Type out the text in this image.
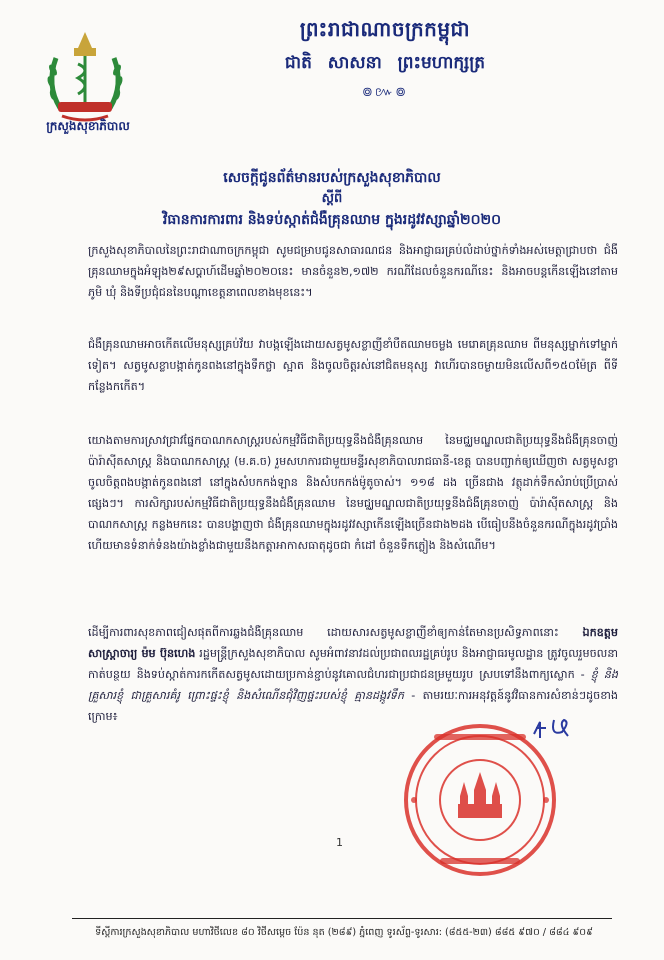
ក្រសួងសុខាភិបាល
ព្រះរាជាណាចក្រកម្ពុជា
ជាតិ សាសនា ព្រះមហាក្សត្រ
៙៚៙
សេចក្តីជូនព័ត៌មានរបស់ក្រសួងសុខាភិបាល
ស្តីពី
វិធានការការពារ និងទប់ស្កាត់ជំងឺគ្រុនឈាម ក្នុងរដូវវស្សាឆ្នាំ២០២០
ក្រសួងសុខាភិបាលនៃព្រះរាជាណាចក្រកម្ពុជា សូមជម្រាបជូនសាធារណជន និងអាជ្ញាធរគ្រប់លំដាប់ថ្នាក់ទាំងអស់មេត្តាជ្រាបថា ជំងឺគ្រុនឈាមក្នុងអំឡុង២៩សប្តាហ៍ដើមឆ្នាំ២០២០នេះ មានចំនួន២,១៧២ ករណីដែលចំនួនករណីនេះ និងអាចបន្តកើនឡើងនៅតាម ភូមិ ឃុំ និងទីប្រជុំជននៃបណ្តាខេត្តនាពេលខាងមុខនេះ។
ជំងឺគ្រុនឈាមអាចកើតលើមនុស្សគ្រប់វ័យ វាបង្កឡើងដោយសត្វមូសខ្លាញីខាំបឺតឈាមចម្លង មេរោគគ្រុនឈាម ពីមនុស្សម្នាក់ទៅម្នាក់ទៀត។ សត្វមូសខ្លាបង្កាត់កូនពងនៅក្នុងទឹកថ្លា ស្អាត និងចូលចិត្តរស់នៅជិតមនុស្ស វាហើរបានចម្ងាយមិនលើសពី១៥០ម៉ែត្រ ពីទីកន្លែងកកើត។
យោងតាមការស្រាវជ្រាវផ្នែកបាណកសាស្ត្ររបស់កម្មវិធីជាតិប្រយុទ្ធនឹងជំងឺគ្រុនឈាម នៃមជ្ឈមណ្ឌលជាតិប្រយុទ្ធនឹងជំងឺគ្រុនចាញ់ ប៉ារ៉ាស៊ីតសាស្ត្រ និងបាណកសាស្ត្រ (ម.គ.ច) រួមសហការជាមួយមន្ទីរសុខាភិបាលរាជធានី-ខេត្ត បានបញ្ជាក់ឲ្យឃើញថា សត្វមូសខ្លាចូលចិត្តពងបង្កាត់កូនពងនៅ នៅក្នុងសំបកកង់ឡាន និងសំបកកង់ម៉ូតូចាស់។ ១១៨ ដង ច្រើនជាង វត្ថុដាក់ទឹកសំរាប់ប្រើប្រាស់ផ្សេងៗ។ ការសិក្សារបស់កម្មវិធីជាតិប្រយុទ្ធនឹងជំងឺគ្រុនឈាម នៃមជ្ឈមណ្ឌលជាតិប្រយុទ្ធនឹងជំងឺគ្រុនចាញ់ ប៉ារ៉ាស៊ីតសាស្ត្រ និងបាណកសាស្ត្រ កន្លងមកនេះ បានបង្ហាញថា ជំងឺគ្រុនឈាមក្នុងរដូវវស្សាកើនឡើងច្រើនជាង២ដង បើធៀបនឹងចំនួនករណីក្នុងរដូវប្រាំង ហើយមានទំនាក់ទំនងយ៉ាងខ្លាំងជាមួយនឹងកត្តាអាកាសធាតុដូចជា កំដៅ ចំនួនទឹកភ្លៀង និងសំណើម។
ដើម្បីការពារសុខភាពជៀសផុតពីការឆ្លងជំងឺគ្រុនឈាម ដោយសារសត្វមូសខ្លាញីខាំឲ្យកាន់តែមានប្រសិទ្ធភាពនោះ ឯកឧត្តមសាស្ត្រាចារ្យ ម៉ម ប៊ុនហេង រដ្ឋមន្ត្រីក្រសួងសុខាភិបាល សូមអំពាវនាវដល់ប្រជាពលរដ្ឋគ្រប់រូប និងអាជ្ញាធរមូលដ្ឋាន ត្រូវចូលរួមចលនាកាត់បន្ថយ និងទប់ស្កាត់ការកកើតសត្វមូសដោយប្រកាន់ខ្ជាប់នូវគោលជំហរជាប្រជាជនម្រមួយរូប ស្របទៅនឹងពាក្យស្លោក - ខ្ញុំ និងគ្រួសារខ្ញុំ ជាគ្រួសារគំរូ ព្រោះផ្ទះខ្ញុំ និងសំណើនជុំវិញផ្ទះរបស់ខ្ញុំ គ្មានដង្កូវទឹក - តាមរយៈការអនុវត្តន៍នូវវិធានការសំខាន់ៗដូចខាងក្រោម៖
1
ទីស្តីការក្រសួងសុខាភិបាល មហាវិថីលេខ ៨០ វិថីសម្តេច ប៉ែន នុត (២៨៩) ភ្នំពេញ ទូរស័ព្ទ-ទូរសារ: (៨៥៥-២៣) ៨៨៥ ៩៧០ / ៨៨៤ ៩០៩
